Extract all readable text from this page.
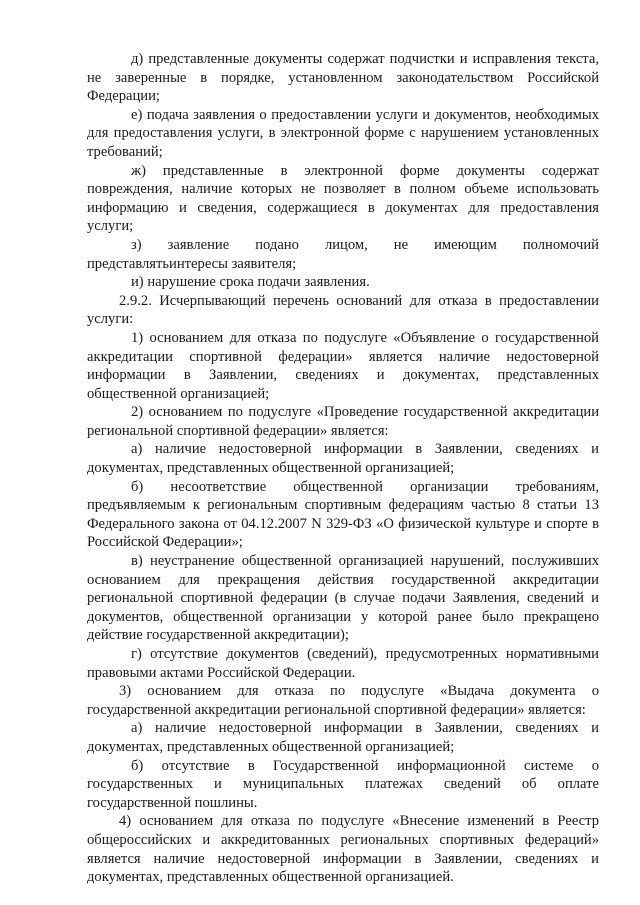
д) представленные документы содержат подчистки и исправления текста, не заверенные в порядке, установленном законодательством Российской Федерации;

е) подача заявления о предоставлении услуги и документов, необходимых для предоставления услуги, в электронной форме с нарушением установленных требований;

ж) представленные в электронной форме документы содержат повреждения, наличие которых не позволяет в полном объеме использовать информацию и сведения, содержащиеся в документах для предоставления услуги;

з) заявление подано лицом, не имеющим полномочий представлятьинтересы заявителя;

и) нарушение срока подачи заявления.

2.9.2. Исчерпывающий перечень оснований для отказа в предоставлении услуги:

1) основанием для отказа по подуслуге «Объявление о государственной аккредитации спортивной федерации» является наличие недостоверной информации в Заявлении, сведениях и документах, представленных общественной организацией;

2) основанием по подуслуге «Проведение государственной аккредитации региональной спортивной федерации» является:

а) наличие недостоверной информации в Заявлении, сведениях и документах, представленных общественной организацией;

б) несоответствие общественной организации требованиям, предъявляемым к региональным спортивным федерациям частью 8 статьи 13 Федерального закона от 04.12.2007 N 329-ФЗ «О физической культуре и спорте в Российской Федерации»;

в) неустранение общественной организацией нарушений, послуживших основанием для прекращения действия государственной аккредитации региональной спортивной федерации (в случае подачи Заявления, сведений и документов, общественной организации у которой ранее было прекращено действие государственной аккредитации);

г) отсутствие документов (сведений), предусмотренных нормативными правовыми актами Российской Федерации.

3) основанием для отказа по подуслуге «Выдача документа о государственной аккредитации региональной спортивной федерации» является:

а) наличие недостоверной информации в Заявлении, сведениях и документах, представленных общественной организацией;

б) отсутствие в Государственной информационной системе о государственных и муниципальных платежах сведений об оплате государственной пошлины.

4) основанием для отказа по подуслуге «Внесение изменений в Реестр общероссийских и аккредитованных региональных спортивных федераций» является наличие недостоверной информации в Заявлении, сведениях и документах, представленных общественной организацией.
